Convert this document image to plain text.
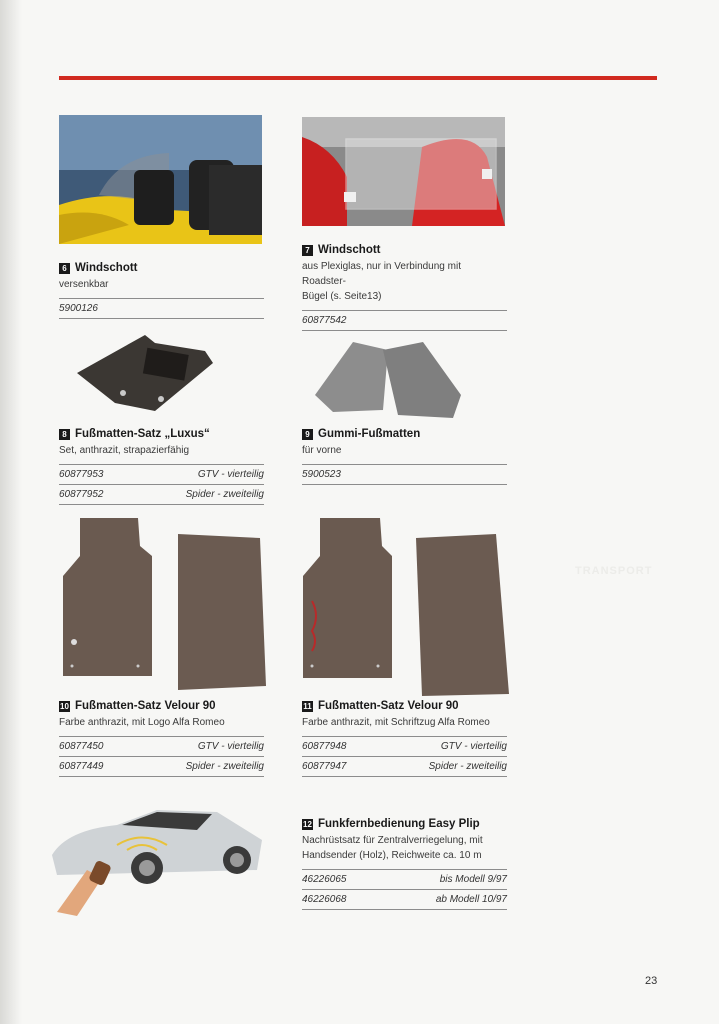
TRANSPORT
6 Windschott
versenkbar
5900126
7 Windschott
aus Plexiglas, nur in Verbindung mit Roadster-
Bügel (s. Seite13)
60877542
8 Fußmatten-Satz „Luxus“
Set, anthrazit, strapazierfähig
60877953	GTV - vierteilig
60877952	Spider - zweiteilig
9 Gummi-Fußmatten
für vorne
5900523
10 Fußmatten-Satz Velour 90
Farbe anthrazit, mit Logo Alfa Romeo
60877450	GTV - vierteilig
60877449	Spider - zweiteilig
11 Fußmatten-Satz Velour 90
Farbe anthrazit, mit Schriftzug Alfa Romeo
60877948	GTV - vierteilig
60877947	Spider - zweiteilig
12 Funkfernbedienung Easy Plip
Nachrüstsatz für Zentralverriegelung, mit
Handsender (Holz), Reichweite ca. 10 m
46226065	bis Modell 9/97
46226068	ab Modell 10/97
23
